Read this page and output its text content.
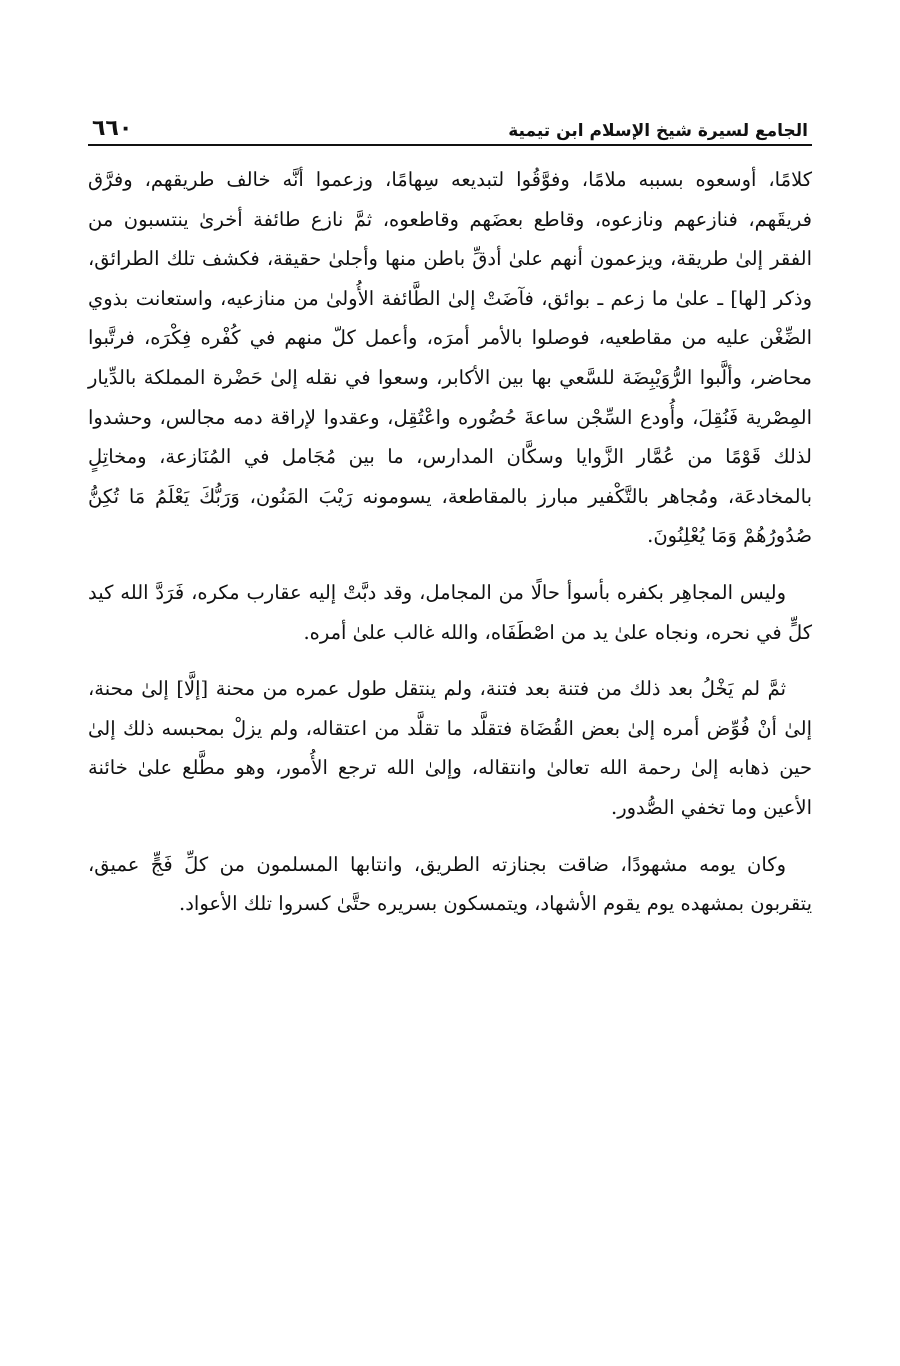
الجامع لسيرة شيخ الإسلام ابن تيمية
٦٦٠

كلامًا، أوسعوه بسببه ملامًا، وفوَّقُوا لتبديعه سِهامًا، وزعموا أنَّه خالف طريقهم، وفرَّق فريقَهم، فنازعهم ونازعوه، وقاطع بعضَهم وقاطعوه، ثمَّ نازع طائفة أخرىٰ ينتسبون من الفقر إلىٰ طريقة، ويزعمون أنهم علىٰ أدقِّ باطن منها وأجلىٰ حقيقة، فكشف تلك الطرائق، وذكر [لها] ـ علىٰ ما زعم ـ بوائق، فآضَتْ إلىٰ الطَّائفة الأُولىٰ من منازعيه، واستعانت بذوي الضِّغْن عليه من مقاطعيه، فوصلوا بالأمر أمرَه، وأعمل كلّ منهم في كُفْره فِكْرَه، فرتَّبوا محاضر، وألَّبوا الرُّوَيْبِضَة للسَّعي بها بين الأكابر، وسعوا في نقله إلىٰ حَضْرة المملكة بالدِّيار المِصْرية فَنُقِلَ، وأُودع السِّجْن ساعةَ حُضُوره واعْتُقِل، وعقدوا لإراقة دمه مجالس، وحشدوا لذلك قَوْمًا من عُمَّار الزَّوايا وسكَّان المدارس، ما بين مُجَامل في المُنَازعة، ومخاتِلٍ بالمخادعَة، ومُجاهر بالتَّكْفير مبارز بالمقاطعة، يسومونه رَيْبَ المَنُون، وَرَبُّكَ يَعْلَمُ مَا تُكِنُّ صُدُورُهُمْ وَمَا يُعْلِنُونَ.

وليس المجاهِر بكفره بأسوأ حالًا من المجامل، وقد دبَّتْ إليه عقارب مكره، فَرَدَّ الله كيد كلٍّ في نحره، ونجاه علىٰ يد من اصْطَفَاه، والله غالب علىٰ أمره.

ثمَّ لم يَخْلُ بعد ذلك من فتنة بعد فتنة، ولم ينتقل طول عمره من محنة [إلَّا] إلىٰ محنة، إلىٰ أنْ فُوِّض أمره إلىٰ بعض القُضَاة فتقلَّد ما تقلَّد من اعتقاله، ولم يزلْ بمحبسه ذلك إلىٰ حين ذهابه إلىٰ رحمة الله تعالىٰ وانتقاله، وإلىٰ الله ترجع الأُمور، وهو مطَّلع علىٰ خائنة الأعين وما تخفي الصُّدور.

وكان يومه مشهودًا، ضاقت بجنازته الطريق، وانتابها المسلمون من كلِّ فَجٍّ عميق، يتقربون بمشهده يوم يقوم الأشهاد، ويتمسكون بسريره حتَّىٰ كسروا تلك الأعواد.
